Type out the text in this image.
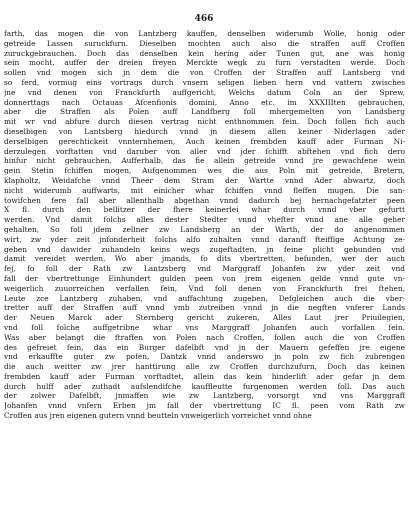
466
farth, das mogen die von Lantzberg kauffen, denselben widerumb Wolle, honig oder
getreide Lassen suruckfurn. Dieselben mochten auch also die straffen auff Croffen
zuruckgebrauchen. Doch das denselben kein hering ader Tunen gut, ane was honig
sein mocht, auffer der dreien freyen Merckte wegk zu furn verstadten werde. Doch
sollen vnd mogen sich jn dem die von Croffen der Straffen auff Lantsberg vnd
so ferd, vormug eins vortrags durch vnsern seligen lieben hern vnd vattern zwisches
jne vnd denen von Franckfurth auffgericht, Welchs datum Coln an der Sprew,
donnerttags nach Octauas Afcenfionis domini, Anno etc. im XXXIIIten gebrauchen,
aber die Straffen als Polen auff Landfberg foll mhergemelten von Landsberg
mit wr vnd abfure durch diesen vertrag nicht enthnommen fein. Doch follen fich auch
dieselbigen von Lantsberg hiedurch vnnd jn diesem allen keiner Niderlagen ader
derselbigen gerechtickeit vnnternhemen, Auch keinen frembden kauff ader Furman Ni-
derzulegen vorftatten vnd daruber von aller vnd jder fchifft abftehen vnd fich dero
hinfur nicht gebrauchen, Aufferhalb, das fie allein getreide vnnd jre gewachfene wein
gein Stetin fchiffen mogen, Aufgenommen wes die aus Poln mit getreide, Bretern,
klapholtz, Weidafche vnnd Theer dem Stram der Wartte vnnd Ader abwartz, doch
nicht widerumb auffwarts, mit einicher whar fchiffen vnnd fleffen mugen. Die san-
towifchen fere fall aber allenthalb abgethan vnnd dadurch bej hernachgefatzter peen
X fl. durch den bellitzer der fhere keinerlei whar durch vnnd vber gefurtt
werden. Vnd damit folchs alles dester Stedter vnnd vhefter vnnd ane alle geher
gehalten, So foll jdem zellner zw Landsberg an der Warth, der do angenommen
wirt, zw yder zeit jnfonderheit folchs alfo zuhalten vnnd daranff fteiffige Achtung ze-
geben vnd dawider zuhandeln keins wegs zugeftadten, jn feine plicht gebunden vnd
damit vereidet werden. Wo aber jmands, fo dits vbertretten, befunden, wer der auch
fej, fo foll der Rath zw Lantzsberg vnd Marggraff Johanfen zw yder zeit vnd
fall der vbertrettunge Einhundert gulden peen von jrem eigenen gelde vnnd gute vn-
weigerlich zuuorreichen verfallen fein, Vnd foll denen von Franckfurth frei ftehen,
Leute zce Lantzberg zuhaben, vnd auffachtung zugeben, Defgleichen auch die vber-
tretter auff der Straffen auff vnnd vmb zutreiben vnnd jn die negften vnferer Lands
der Neuen Marck ader Sternberg gericht zukeren, Alles Laut jrer Priuilegien,
vnd foll folche auffgetribne whar vns Marggraff Johanfen auch vorfallen fein.
Was aber belangt die ftraffen von Polen nach Croffen, follen auch die von Croffen
des gefreiet fein, das ein Burger dafelbft vnd jn der Mauern gefeffen jre eigene
vnd erkauffte guter zw pofen, Dantzk vnnd anderswo jn poln zw fich zubrengen
die auch weitter zw jrer hanttirung alle zw Croffen durchzufurn, Doch das keinen
frembden kauff ader Furman vorftadtet, allein das kein hinderlift ader gefar jn dem
durch hulff ader zuthadt aufslendifche kauffleutte furgenomen werden foll. Das auch
der zolwer Dafelbft, jnmaffen wie zw Lantzberg, vorsorgt vnd vns Marggraff
Johanfen vnnd vnfern Erben jm fall der vbertrettung IC fl. peen vom Rath zw
Croffen aus jren eigenen gutern vnnd beutteln vnweigerlich vorreichet vnnd ohne
